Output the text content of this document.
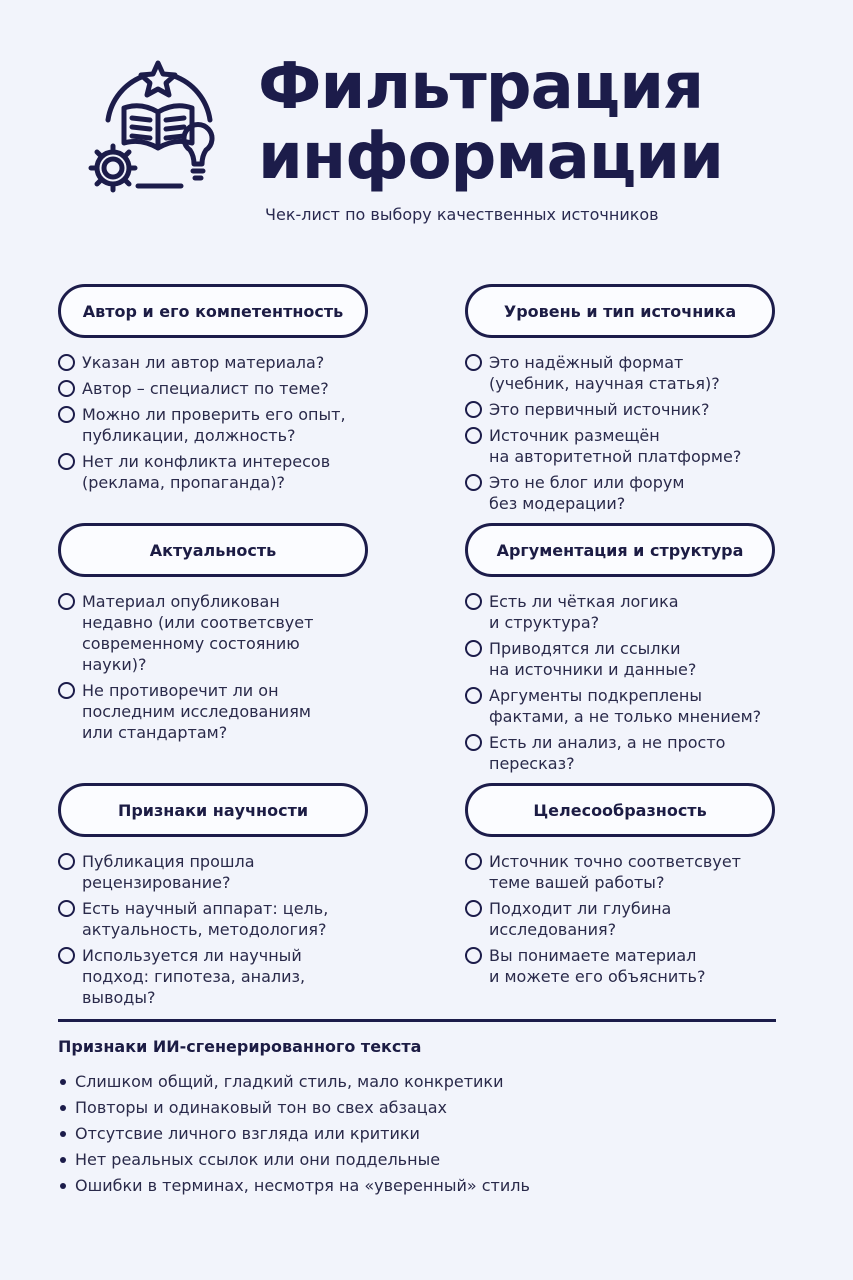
Фильтрация
информации
Чек-лист по выбору качественных источников
Автор и его компетентность
Указан ли автор материала?
Автор – специалист по теме?
Можно ли проверить его опыт,
публикации, должность?
Нет ли конфликта интересов
(реклама, пропаганда)?
Уровень и тип источника
Это надёжный формат
(учебник, научная статья)?
Это первичный источник?
Источник размещён
на авторитетной платформе?
Это не блог или форум
без модерации?
Актуальность
Материал опубликован
недавно (или соответсвует
современному состоянию
науки)?
Не противоречит ли он
последним исследованиям
или стандартам?
Аргументация и структура
Есть ли чёткая логика
и структура?
Приводятся ли ссылки
на источники и данные?
Аргументы подкреплены
фактами, а не только мнением?
Есть ли анализ, а не просто
пересказ?
Признаки научности
Публикация прошла
рецензирование?
Есть научный аппарат: цель,
актуальность, методология?
Используется ли научный
подход: гипотеза, анализ,
выводы?
Целесообразность
Источник точно соответсвует
теме вашей работы?
Подходит ли глубина
исследования?
Вы понимаете материал
и можете его объяснить?
Признаки ИИ-сгенерированного текста
Слишком общий, гладкий стиль, мало конкретики
Повторы и одинаковый тон во свех абзацах
Отсутсвие личного взгляда или критики
Нет реальных ссылок или они поддельные
Ошибки в терминах, несмотря на «уверенный» стиль
